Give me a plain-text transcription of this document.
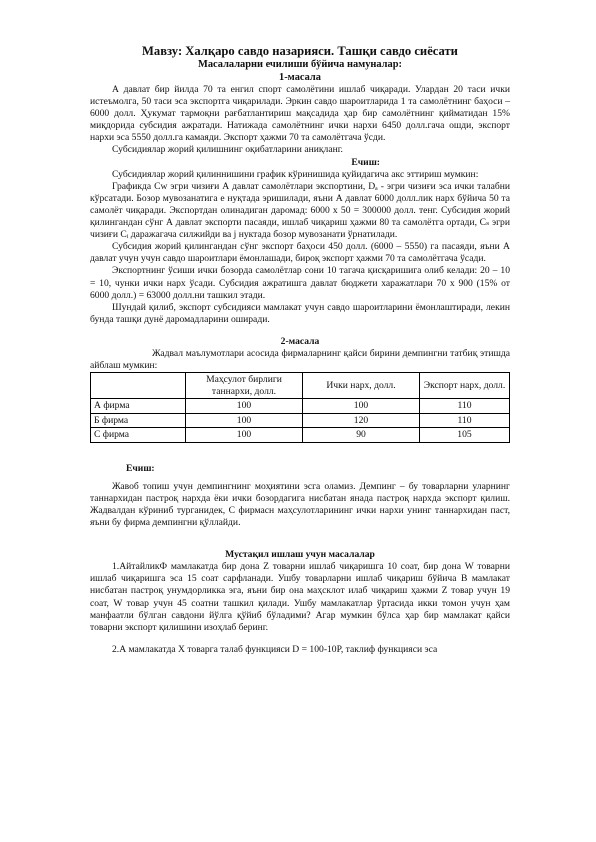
Мавзу: Халқаро савдо назарияси. Ташқи савдо сиёсати

Масалаларни ечилиши бўйича намуналар:

1-масала

А давлат бир йилда 70 та енгил спорт самолётини ишлаб чиқаради. Улардан 20 таси ички истеъмолга, 50 таси эса экспортга чиқарилади. Эркин савдо шароитларида 1 та самолётнинг баҳоси – 6000 долл. Ҳукумат тармоқни рағбатлантириш мақсадида ҳар бир самолётнинг қийматидан 15% миқдорида субсидия ажратади. Натижада самолётнинг ички нархи 6450 долл.гача ошди, экспорт нархи эса 5550 долл.га камаяди. Экспорт ҳажми 70 та самолётгача ўсди.

Субсидиялар жорий қилишнинг оқибатларини аниқланг.

Ечиш:

Субсидиялар жорий қилиннишини график кўринишида қуйидагича акс эттириш мумкин:

Графикда Cw эгри чизиғи А давлат самолётлари экспортини, Dₐ - эгри чизиғи эса ички талабни кўрсатади. Бозор мувозанатига е нуқтада эришилади, яъни А давлат 6000 долл.лик нарх бўйича 50 та самолёт чиқаради. Экспортдан олинадиган даромад: 6000 х 50 = 300000 долл. тенг. Субсидия жорий қилингандан сўнг А давлат экспорти пасаяди, ишлаб чиқариш ҳажми 80 та самолётга ортади, Cₛ эгри чизиғи Cᵢ даражагача силжийди ва j нуктада бозор мувозанати ўрнатилади.

Субсидия жорий қилингандан сўнг экспорт баҳоси 450 долл. (6000 – 5550) га пасаяди, яъни А давлат учун учун савдо шароитлари ёмонлашади, бироқ экспорт ҳажми 70 та самолётгача ўсади.

Экспортнинг ўсиши ички бозорда самолётлар сони 10 тагача қисқаришига олиб келади: 20 – 10 = 10, чунки ички нарх ўсади. Субсидия ажратишга давлат бюджети харажатлари 70 х 900 (15% от 6000 долл.) = 63000 долл.ни ташкил этади.

Шундай қилиб, экспорт субсидияси мамлакат учун савдо шароитларини ёмонлаштиради, лекин бунда ташқи дунё даромадларини оширади.

2-масала

Жадвал маълумотлари асосида фирмаларнинг қайси бирини демпингни татбиқ этишда айблаш мумкин:

	Маҳсулот бирлиги таннархи, долл.	Ички нарх, долл.	Экспорт нарх, долл.
А фирма	100	100	110
Б фирма	100	120	110
С фирма	100	90	105

Ечиш:

Жавоб топиш учун демпингнинг моҳиятини эсга оламиз. Демпинг – бу товарларни уларнинг таннархидан пастроқ нархда ёки ички бозордагига нисбатан янада пастроқ нархда экспорт қилиш. Жадвалдан кўриниб турганидек, С фирмасн маҳсулотларининг ички нархи унинг таннархидан паст, яъни бу фирма демпингни қўллайди.

Мустақил ишлаш учун масалалар

1.АйтайликФ мамлакатда бир дона Z товарни ишлаб чиқаришга 10 соат, бир дона W товарни ишлаб чиқаришга эса 15 соат сарфланади. Ушбу товарларни ишлаб чиқариш бўйича В мамлакат нисбатан пастроқ унумдорликка эга, яъни бир она маҳсклот илаб чиқариш ҳажми Z товар учун 19 соат, W товар учун 45 соатни ташкил қилади. Ушбу мамлакатлар ўртасида икки томон учун ҳам манфаатли бўлган савдони йўлга қўйиб бўладими? Агар мумкин бўлса ҳар бир мамлакат қайси товарни экспорт қилишини изоҳлаб беринг.

2.А мамлакатда Х товарга талаб функцияси D = 100-10P, таклиф функцияси эса
